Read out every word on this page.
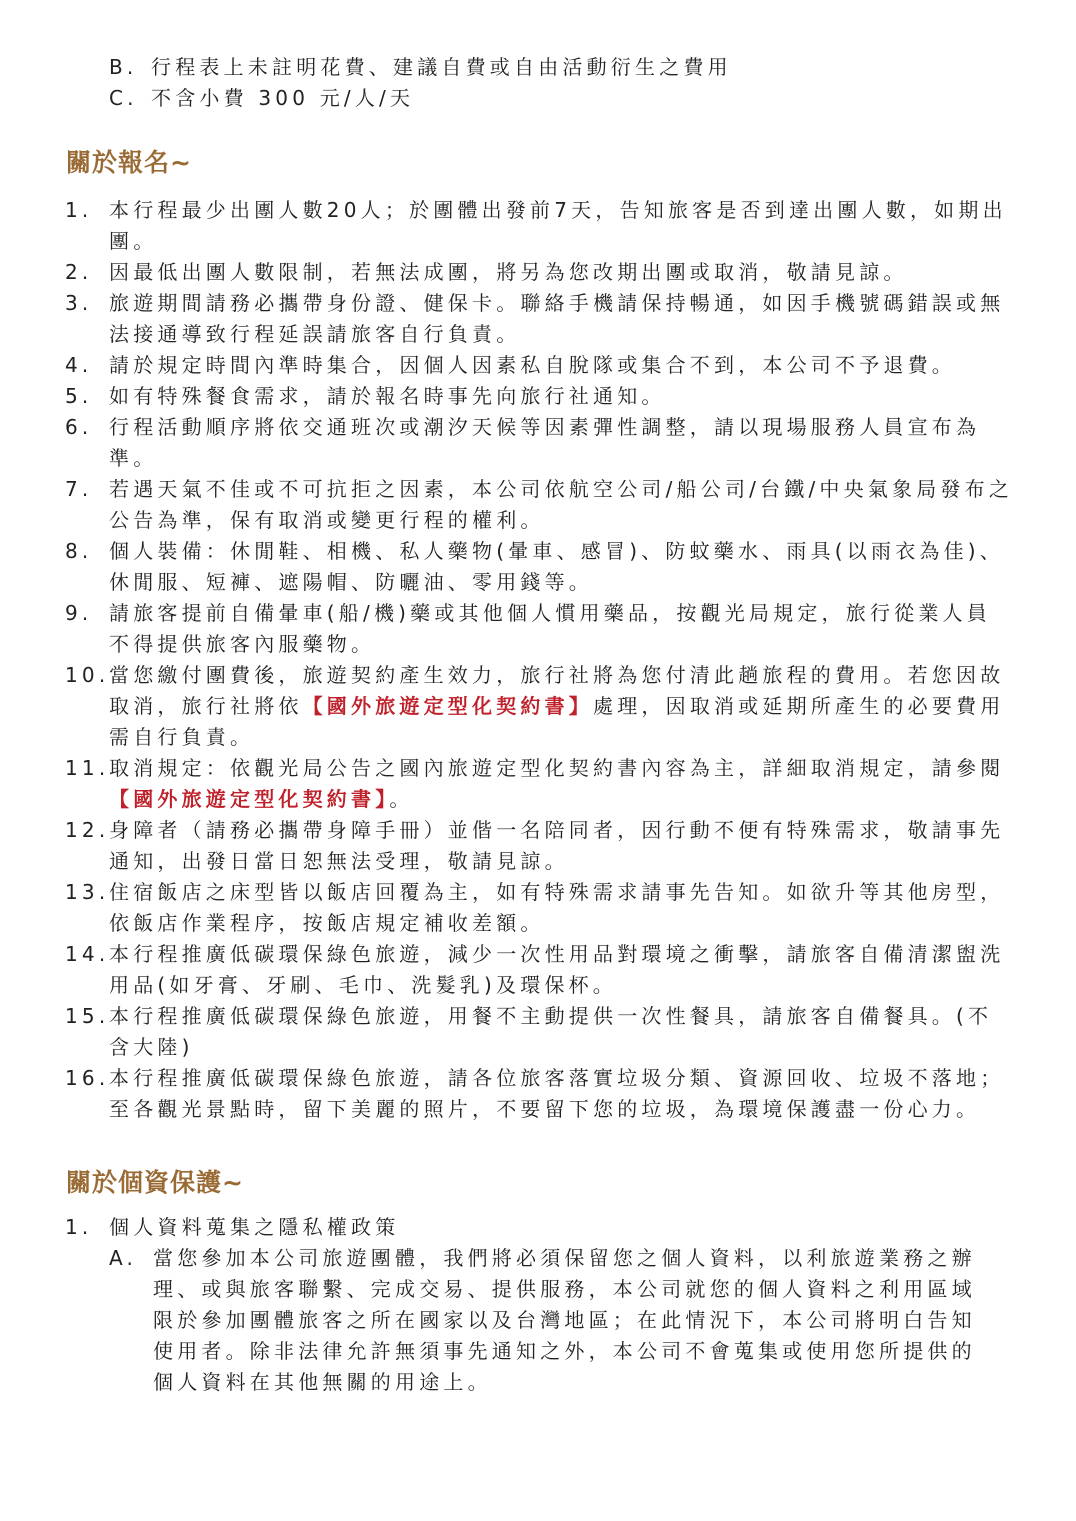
B. 行程表上未註明花費、建議自費或自由活動衍生之費用
C. 不含小費 300 元/人/天
關於報名~
1. 本行程最少出團人數20人；於團體出發前7天，告知旅客是否到達出團人數，如期出團。
2. 因最低出團人數限制，若無法成團，將另為您改期出團或取消，敬請見諒。
3. 旅遊期間請務必攜帶身份證、健保卡。聯絡手機請保持暢通，如因手機號碼錯誤或無法接通導致行程延誤請旅客自行負責。
4. 請於規定時間內準時集合，因個人因素私自脫隊或集合不到，本公司不予退費。
5. 如有特殊餐食需求，請於報名時事先向旅行社通知。
6. 行程活動順序將依交通班次或潮汐天候等因素彈性調整，請以現場服務人員宣布為準。
7. 若遇天氣不佳或不可抗拒之因素，本公司依航空公司/船公司/台鐵/中央氣象局發布之公告為準，保有取消或變更行程的權利。
8. 個人裝備：休閒鞋、相機、私人藥物(暈車、感冒)、防蚊藥水、雨具(以雨衣為佳)、休閒服、短褲、遮陽帽、防曬油、零用錢等。
9. 請旅客提前自備暈車(船/機)藥或其他個人慣用藥品，按觀光局規定，旅行從業人員不得提供旅客內服藥物。
10. 當您繳付團費後，旅遊契約產生效力，旅行社將為您付清此趟旅程的費用。若您因故取消，旅行社將依【國外旅遊定型化契約書】處理，因取消或延期所產生的必要費用需自行負責。
11. 取消規定：依觀光局公告之國內旅遊定型化契約書內容為主，詳細取消規定，請參閱【國外旅遊定型化契約書】。
12. 身障者（請務必攜帶身障手冊）並偕一名陪同者，因行動不便有特殊需求，敬請事先通知，出發日當日恕無法受理，敬請見諒。
13. 住宿飯店之床型皆以飯店回覆為主，如有特殊需求請事先告知。如欲升等其他房型，依飯店作業程序，按飯店規定補收差額。
14. 本行程推廣低碳環保綠色旅遊，減少一次性用品對環境之衝擊，請旅客自備清潔盥洗用品(如牙膏、牙刷、毛巾、洗髮乳)及環保杯。
15. 本行程推廣低碳環保綠色旅遊，用餐不主動提供一次性餐具，請旅客自備餐具。(不含大陸)
16. 本行程推廣低碳環保綠色旅遊，請各位旅客落實垃圾分類、資源回收、垃圾不落地；至各觀光景點時，留下美麗的照片，不要留下您的垃圾，為環境保護盡一份心力。
關於個資保護~
1. 個人資料蒐集之隱私權政策
A. 當您參加本公司旅遊團體，我們將必須保留您之個人資料，以利旅遊業務之辦理、或與旅客聯繫、完成交易、提供服務，本公司就您的個人資料之利用區域限於參加團體旅客之所在國家以及台灣地區；在此情況下，本公司將明白告知使用者。除非法律允許無須事先通知之外，本公司不會蒐集或使用您所提供的個人資料在其他無關的用途上。
